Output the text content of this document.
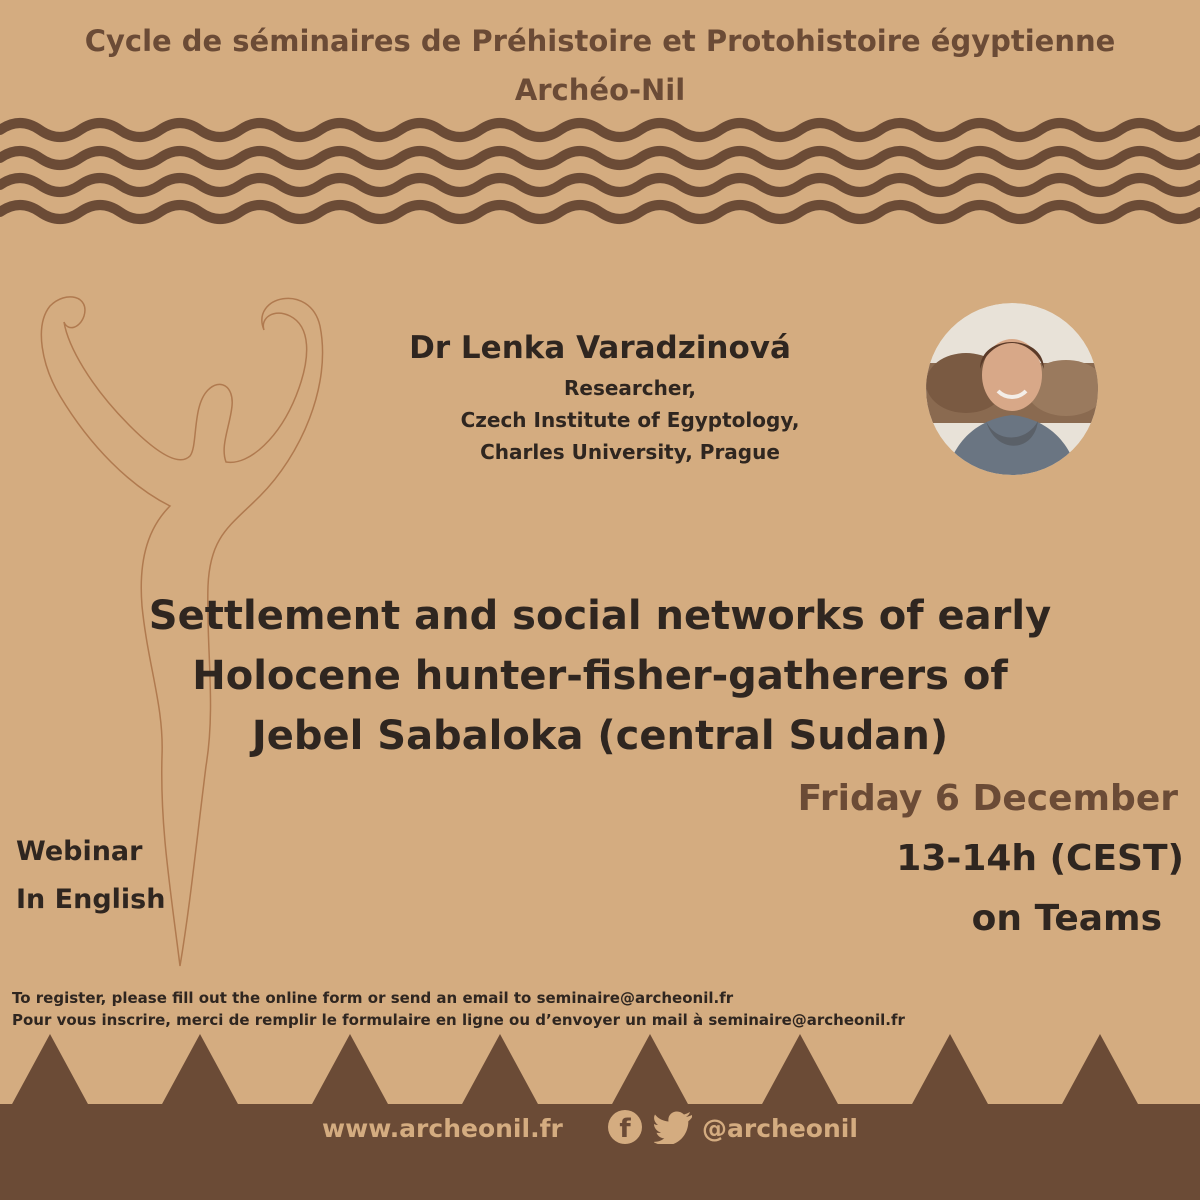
Cycle de séminaires de Préhistoire et Protohistoire égyptienne
Archéo-Nil
Dr Lenka Varadzinová
Researcher,
Czech Institute of Egyptology,
Charles University, Prague
Settlement and social networks of early
Holocene hunter-fisher-gatherers of
Jebel Sabaloka (central Sudan)
Webinar
In English
Friday 6 December
13-14h (CEST)
on Teams
To register, please fill out the online form or send an email to seminaire@archeonil.fr
Pour vous inscrire, merci de remplir le formulaire en ligne ou d’envoyer un mail à seminaire@archeonil.fr
www.archeonil.fr	f	@archeonil
